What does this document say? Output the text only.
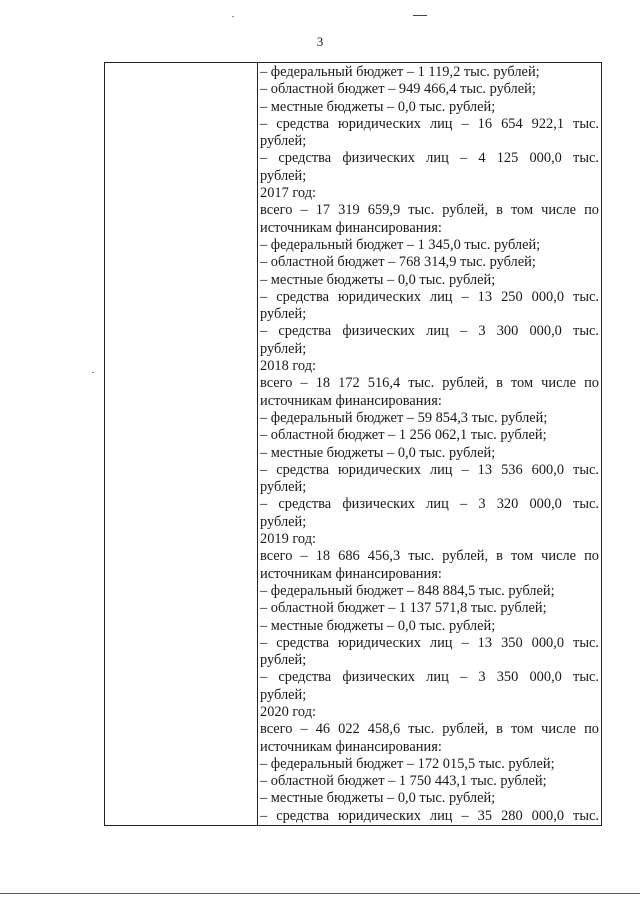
3

– федеральный бюджет – 1 119,2 тыс. рублей;
– областной бюджет – 949 466,4 тыс. рублей;
– местные бюджеты – 0,0 тыс. рублей;
– средства юридических лиц – 16 654 922,1 тыс.
рублей;
– средства физических лиц – 4 125 000,0 тыс.
рублей;
2017 год:
всего – 17 319 659,9 тыс. рублей, в том числе по
источникам финансирования:
– федеральный бюджет – 1 345,0 тыс. рублей;
– областной бюджет – 768 314,9 тыс. рублей;
– местные бюджеты – 0,0 тыс. рублей;
– средства юридических лиц – 13 250 000,0 тыс.
рублей;
– средства физических лиц – 3 300 000,0 тыс.
рублей;
2018 год:
всего – 18 172 516,4 тыс. рублей, в том числе по
источникам финансирования:
– федеральный бюджет – 59 854,3 тыс. рублей;
– областной бюджет – 1 256 062,1 тыс. рублей;
– местные бюджеты – 0,0 тыс. рублей;
– средства юридических лиц – 13 536 600,0 тыс.
рублей;
– средства физических лиц – 3 320 000,0 тыс.
рублей;
2019 год:
всего – 18 686 456,3 тыс. рублей, в том числе по
источникам финансирования:
– федеральный бюджет – 848 884,5 тыс. рублей;
– областной бюджет – 1 137 571,8 тыс. рублей;
– местные бюджеты – 0,0 тыс. рублей;
– средства юридических лиц – 13 350 000,0 тыс.
рублей;
– средства физических лиц – 3 350 000,0 тыс.
рублей;
2020 год:
всего – 46 022 458,6 тыс. рублей, в том числе по
источникам финансирования:
– федеральный бюджет – 172 015,5 тыс. рублей;
– областной бюджет – 1 750 443,1 тыс. рублей;
– местные бюджеты – 0,0 тыс. рублей;
– средства юридических лиц – 35 280 000,0 тыс.
